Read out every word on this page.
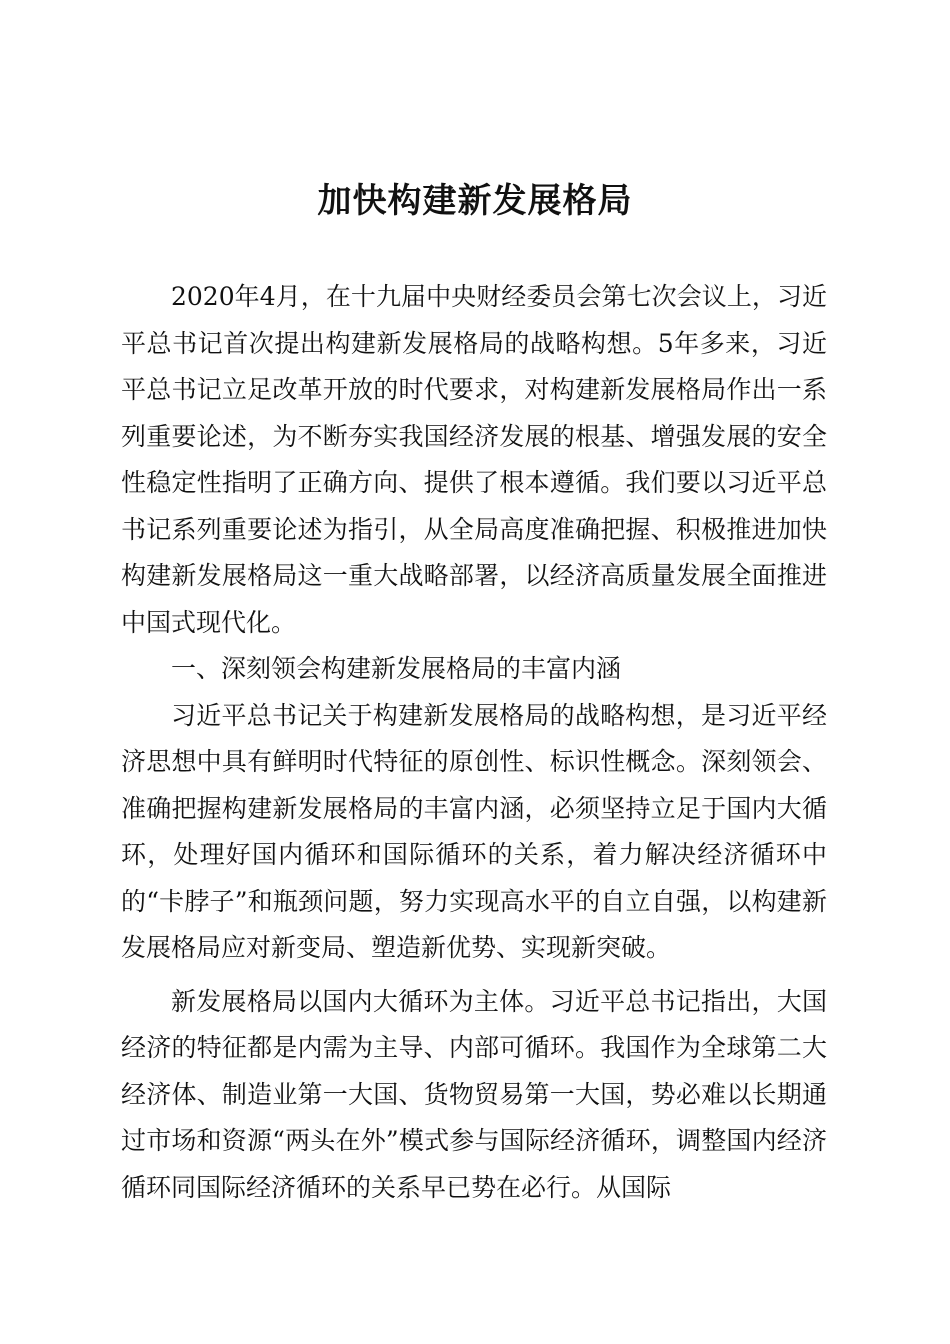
加快构建新发展格局

2020年4月，在十九届中央财经委员会第七次会议上，习近平总书记首次提出构建新发展格局的战略构想。5年多来，习近平总书记立足改革开放的时代要求，对构建新发展格局作出一系列重要论述，为不断夯实我国经济发展的根基、增强发展的安全性稳定性指明了正确方向、提供了根本遵循。我们要以习近平总书记系列重要论述为指引，从全局高度准确把握、积极推进加快构建新发展格局这一重大战略部署，以经济高质量发展全面推进中国式现代化。

一、深刻领会构建新发展格局的丰富内涵

习近平总书记关于构建新发展格局的战略构想，是习近平经济思想中具有鲜明时代特征的原创性、标识性概念。深刻领会、准确把握构建新发展格局的丰富内涵，必须坚持立足于国内大循环，处理好国内循环和国际循环的关系，着力解决经济循环中的“卡脖子”和瓶颈问题，努力实现高水平的自立自强，以构建新发展格局应对新变局、塑造新优势、实现新突破。

新发展格局以国内大循环为主体。习近平总书记指出，大国经济的特征都是内需为主导、内部可循环。我国作为全球第二大经济体、制造业第一大国、货物贸易第一大国，势必难以长期通过市场和资源“两头在外”模式参与国际经济循环，调整国内经济循环同国际经济循环的关系早已势在必行。从国际
